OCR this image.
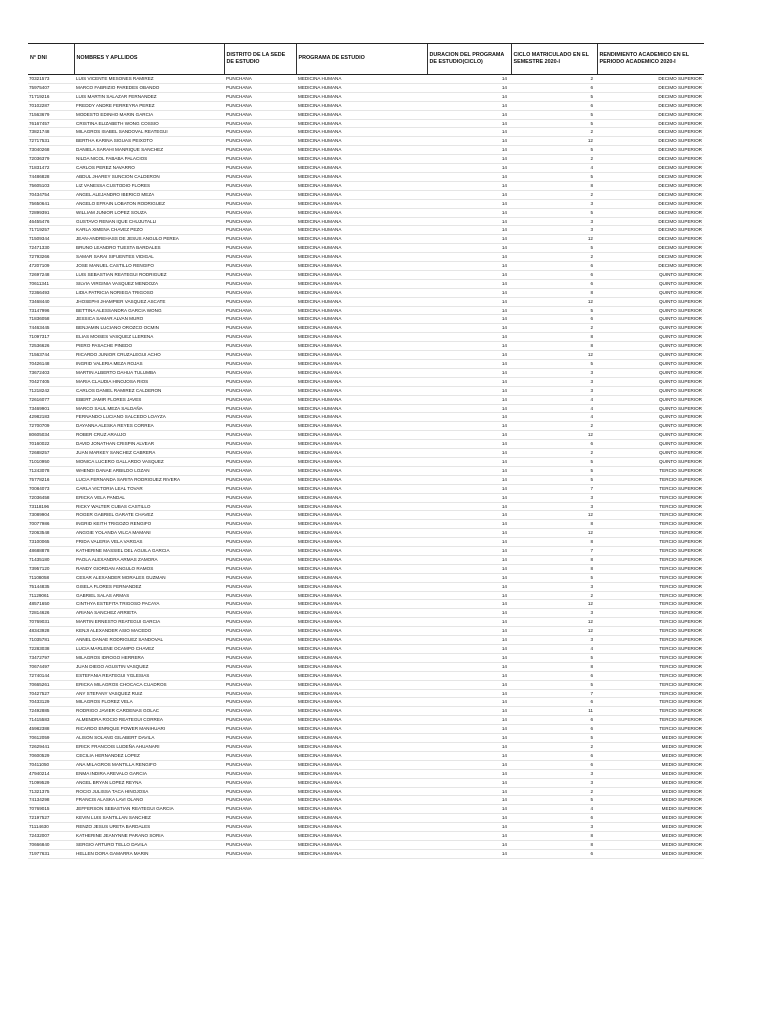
N° DNI	NOMBRES Y APLLIDOS	DISTRITO DE LA SEDE DE ESTUDIO	PROGRAMA DE ESTUDIO	DURACION DEL PROGRAMA DE ESTUDIO(CICLO)	CICLO MATRICULADO EN EL SEMESTRE 2020-I	RENDIMIENTO ACADEMICO EN EL PERIODO ACADEMICO 2020-I
70321573	LUIS VICENTE MESONES RAMIREZ	PUNCHANA	MEDICINA HUMANA	14	2	DECIMO SUPERIOR
75975407	MARCO FABRIZIO PAREDES OBANDO	PUNCHANA	MEDICINA HUMANA	14	6	DECIMO SUPERIOR
71719216	LUIS MARTIN SALAZAR FERNANDEZ	PUNCHANA	MEDICINA HUMANA	14	5	DECIMO SUPERIOR
70102287	FREDDY ANDRE FERREYRA PEREZ	PUNCHANA	MEDICINA HUMANA	14	6	DECIMO SUPERIOR
71563679	MODESTO EDINHO MARIN GARCIA	PUNCHANA	MEDICINA HUMANA	14	5	DECIMO SUPERIOR
76167457	CRISTINA ELIZABETH WONG COSSIO	PUNCHANA	MEDICINA HUMANA	14	5	DECIMO SUPERIOR
73821748	MILAGROS ISABEL SANDOVAL REATEGUI	PUNCHANA	MEDICINA HUMANA	14	2	DECIMO SUPERIOR
72717531	BERTHA KARINA SIGUAS PEIXOTO	PUNCHANA	MEDICINA HUMANA	14	12	DECIMO SUPERIOR
73040268	DANIELA SARAHI MANRIQUE SANCHEZ	PUNCHANA	MEDICINA HUMANA	14	5	DECIMO SUPERIOR
72036379	NILDA NICOL FABABA PALACIOS	PUNCHANA	MEDICINA HUMANA	14	2	DECIMO SUPERIOR
71831472	CARLOS PEREZ NAVARRO	PUNCHANA	MEDICINA HUMANA	14	4	DECIMO SUPERIOR
74486828	ABDUL JHAREY SUNCION CALDERON	PUNCHANA	MEDICINA HUMANA	14	5	DECIMO SUPERIOR
75605103	LIZ VANESSA CUSTODIO FLORES	PUNCHANA	MEDICINA HUMANA	14	8	DECIMO SUPERIOR
70434754	ANGEL ALEJANDRO IBERICO MEZA	PUNCHANA	MEDICINA HUMANA	14	2	DECIMO SUPERIOR
75650641	ANGELO EFRAIN LOBATON RODRIGUEZ	PUNCHANA	MEDICINA HUMANA	14	3	DECIMO SUPERIOR
72899391	WILLIAM JUNIOR LOPEZ SOUZA	PUNCHANA	MEDICINA HUMANA	14	5	DECIMO SUPERIOR
46455476	GUSTAVO RENAN IQUE CHUJUTALLI	PUNCHANA	MEDICINA HUMANA	14	3	DECIMO SUPERIOR
71719257	KARLA XIMENA CHAVEZ PEZO	PUNCHANA	MEDICINA HUMANA	14	3	DECIMO SUPERIOR
71509344	JEAN-ANDREHASS DE JESUS ANGULO PEREA	PUNCHANA	MEDICINA HUMANA	14	12	DECIMO SUPERIOR
72471330	BRUNO LEANDRO TUESTA BARDALES	PUNCHANA	MEDICINA HUMANA	14	5	DECIMO SUPERIOR
72793266	SAMAR SARAI SIFUENTES VIDIGAL	PUNCHANA	MEDICINA HUMANA	14	2	DECIMO SUPERIOR
47207109	JOSE MANUEL CASTILLO RENGIFO	PUNCHANA	MEDICINA HUMANA	14	6	DECIMO SUPERIOR
72697248	LUIS SEBASTIAN REATEGUI RODRIGUEZ	PUNCHANA	MEDICINA HUMANA	14	6	QUINTO SUPERIOR
70611341	SILVIA VIRGINIA VASQUEZ MENDOZA	PUNCHANA	MEDICINA HUMANA	14	6	QUINTO SUPERIOR
72366493	LIDIA PATRICIA NORIEGA TRIGOSO	PUNCHANA	MEDICINA HUMANA	14	8	QUINTO SUPERIOR
73468440	JHOSEPHI JHAMPIER VASQUEZ ASCATE	PUNCHANA	MEDICINA HUMANA	14	12	QUINTO SUPERIOR
73147996	BETTINA ALESSANDRA GARCIA WONG	PUNCHANA	MEDICINA HUMANA	14	5	QUINTO SUPERIOR
71836058	JESSICA SAMAR ALVAN MURO	PUNCHANA	MEDICINA HUMANA	14	6	QUINTO SUPERIOR
74463445	BENJAMIN LUCIANO OROZCO OCMIN	PUNCHANA	MEDICINA HUMANA	14	2	QUINTO SUPERIOR
71097317	ELIAS MOISES VASQUEZ LLERENA	PUNCHANA	MEDICINA HUMANA	14	8	QUINTO SUPERIOR
72536626	PIERO PASACHE PINEDO	PUNCHANA	MEDICINA HUMANA	14	8	QUINTO SUPERIOR
71563744	RICARDO JUNIOR CRUZALEGUI ACHO	PUNCHANA	MEDICINA HUMANA	14	12	QUINTO SUPERIOR
70426148	INGRID VALERIA MEZA ROJAS	PUNCHANA	MEDICINA HUMANA	14	5	QUINTO SUPERIOR
73672403	MARTIN ALBERTO DAHUA TULUMBA	PUNCHANA	MEDICINA HUMANA	14	3	QUINTO SUPERIOR
70427405	MARIA CLAUDIA HINOJOSA RIOS	PUNCHANA	MEDICINA HUMANA	14	3	QUINTO SUPERIOR
71218242	CARLOS DANIEL RAMIREZ CALDERON	PUNCHANA	MEDICINA HUMANA	14	3	QUINTO SUPERIOR
72616077	EBERT JAMIR FLORES JAVES	PUNCHANA	MEDICINA HUMANA	14	4	QUINTO SUPERIOR
73469901	MARCO SAUL MEZA SALDAÑA	PUNCHANA	MEDICINA HUMANA	14	4	QUINTO SUPERIOR
42982183	FERNANDO LUCIANO SALCEDO LOAYZA	PUNCHANA	MEDICINA HUMANA	14	4	QUINTO SUPERIOR
72700709	DAYANNA ALESKA REYES CORREA	PUNCHANA	MEDICINA HUMANA	14	2	QUINTO SUPERIOR
80605034	ROBER CRUZ ARAUJO	PUNCHANA	MEDICINA HUMANA	14	12	QUINTO SUPERIOR
70160022	DAVID JONATHAN CRISPIN ALVEAR	PUNCHANA	MEDICINA HUMANA	14	6	QUINTO SUPERIOR
72688257	JUAN MARKEY SANCHEZ CABRERA	PUNCHANA	MEDICINA HUMANA	14	2	QUINTO SUPERIOR
71010950	MONICA LUCERO GALLARDO VASQUEZ	PUNCHANA	MEDICINA HUMANA	14	5	QUINTO SUPERIOR
71243078	WHENDI DANAE ARBILDO LOZAN	PUNCHANA	MEDICINA HUMANA	14	5	TERCIO SUPERIOR
75778216	LUCIA FERNANDA SARITA RODRIGUEZ RIVERA	PUNCHANA	MEDICINA HUMANA	14	5	TERCIO SUPERIOR
70084073	CARLA VICTORIA LEAL TOVAR	PUNCHANA	MEDICINA HUMANA	14	7	TERCIO SUPERIOR
72036458	ERICKA VELA PANDAL	PUNCHANA	MEDICINA HUMANA	14	3	TERCIO SUPERIOR
73118196	RICKY WALTER CUBAS CASTILLO	PUNCHANA	MEDICINA HUMANA	14	3	TERCIO SUPERIOR
73089904	ROGER GABRIEL GARATE CHAVEZ	PUNCHANA	MEDICINA HUMANA	14	12	TERCIO SUPERIOR
70077986	INGRID KEITH TRIGOZO RENGIFO	PUNCHANA	MEDICINA HUMANA	14	8	TERCIO SUPERIOR
72063548	ANGGIE YOLANDA VILCA MAMANI	PUNCHANA	MEDICINA HUMANA	14	12	TERCIO SUPERIOR
73100065	FRIDA VALERIA VELA VARGAS	PUNCHANA	MEDICINA HUMANA	14	8	TERCIO SUPERIOR
48688878	KATHERINE MASSIEL DEL AGUILA GARCIA	PUNCHANA	MEDICINA HUMANA	14	7	TERCIO SUPERIOR
71435180	PAOLA ALEXANDRA ARMAS ZAMORA	PUNCHANA	MEDICINA HUMANA	14	8	TERCIO SUPERIOR
73957120	RANDY GIORDAN ANGULO RAMOS	PUNCHANA	MEDICINA HUMANA	14	8	TERCIO SUPERIOR
71108058	CESAR ALEXANDER MORALES GUZMAN	PUNCHANA	MEDICINA HUMANA	14	5	TERCIO SUPERIOR
75144835	GISELA FLORES FERNANDEZ	PUNCHANA	MEDICINA HUMANA	14	3	TERCIO SUPERIOR
71129061	GABRIEL SALAS ARMAS	PUNCHANA	MEDICINA HUMANA	14	2	TERCIO SUPERIOR
48571650	CINTHYA ESTEFITA TRIGOSO PACAYA	PUNCHANA	MEDICINA HUMANA	14	12	TERCIO SUPERIOR
72814626	ARIANA SANCHEZ ARRIETA	PUNCHANA	MEDICINA HUMANA	14	3	TERCIO SUPERIOR
70769031	MARTIN ERNESTO REATEGUI GARCIA	PUNCHANA	MEDICINA HUMANA	14	12	TERCIO SUPERIOR
48343928	KENJI ALEXANDER ASIO MACEDO	PUNCHANA	MEDICINA HUMANA	14	12	TERCIO SUPERIOR
71035781	ANNEL DANAE RODRIGUEZ SANDOVAL	PUNCHANA	MEDICINA HUMANA	14	3	TERCIO SUPERIOR
72283038	LUCIA MARLENE OCAMPO CHAVEZ	PUNCHANA	MEDICINA HUMANA	14	4	TERCIO SUPERIOR
73472797	MILAGROS IDROGO HERRERA	PUNCHANA	MEDICINA HUMANA	14	5	TERCIO SUPERIOR
70674497	JUAN DIEGO AGUSTIN VASQUEZ	PUNCHANA	MEDICINA HUMANA	14	8	TERCIO SUPERIOR
72740144	ESTEFANIA REATEGUI YGLESIAS	PUNCHANA	MEDICINA HUMANA	14	6	TERCIO SUPERIOR
70665261	ERICKA MILAGROS CHOCACA CUADROS	PUNCHANA	MEDICINA HUMANA	14	5	TERCIO SUPERIOR
70427527	ANY STEFANY VASQUEZ RUIZ	PUNCHANA	MEDICINA HUMANA	14	7	TERCIO SUPERIOR
70433129	MILAGROS FLOREZ VELA	PUNCHANA	MEDICINA HUMANA	14	6	TERCIO SUPERIOR
72492885	RODRIGO JAVIER CARDENAS GOLAC	PUNCHANA	MEDICINA HUMANA	14	11	TERCIO SUPERIOR
71415583	ALMENDRA ROCIO REATEGUI CORREA	PUNCHANA	MEDICINA HUMANA	14	6	TERCIO SUPERIOR
45982388	RICARDO ENRIQUE POWER MANIHUARI	PUNCHANA	MEDICINA HUMANA	14	6	TERCIO SUPERIOR
70612059	ALISON SOLANG GILABERT DAVILA	PUNCHANA	MEDICINA HUMANA	14	5	MEDIO SUPERIOR
72629441	ERICK FRANCOIS LUDEÑA AHUANARI	PUNCHANA	MEDICINA HUMANA	14	2	MEDIO SUPERIOR
70600529	CECILIA HERNANDEZ LOPEZ	PUNCHANA	MEDICINA HUMANA	14	6	MEDIO SUPERIOR
70411050	ANA MILAGROS MANTILLA RENGIFO	PUNCHANA	MEDICINA HUMANA	14	6	MEDIO SUPERIOR
47940214	ENMA INDIRA AREVALO GARCIA	PUNCHANA	MEDICINA HUMANA	14	3	MEDIO SUPERIOR
71099529	ANGEL BRYAN LOPEZ REYNA	PUNCHANA	MEDICINA HUMANA	14	3	MEDIO SUPERIOR
71321375	ROCIO JULISSA TACA HINOJOSA	PUNCHANA	MEDICINA HUMANA	14	2	MEDIO SUPERIOR
74134298	FRANCIS ALASKA LAVI OLANO	PUNCHANA	MEDICINA HUMANA	14	5	MEDIO SUPERIOR
70769015	JEFFERSON SEBASTIAN REATEGUI GARCIA	PUNCHANA	MEDICINA HUMANA	14	4	MEDIO SUPERIOR
72197527	KEVIN LUIS SANTILLAN SANCHEZ	PUNCHANA	MEDICINA HUMANA	14	6	MEDIO SUPERIOR
71114630	RENZO JESUS URETA BARDALES	PUNCHANA	MEDICINA HUMANA	14	3	MEDIO SUPERIOR
72432007	KATHERINE JEANYNNE PARANO SORIA	PUNCHANA	MEDICINA HUMANA	14	8	MEDIO SUPERIOR
70666840	SERGIO ARTURO TELLO DAVILA	PUNCHANA	MEDICINA HUMANA	14	8	MEDIO SUPERIOR
71977631	HELLEN DORA GAMARRA MARIN	PUNCHANA	MEDICINA HUMANA	14	6	MEDIO SUPERIOR
